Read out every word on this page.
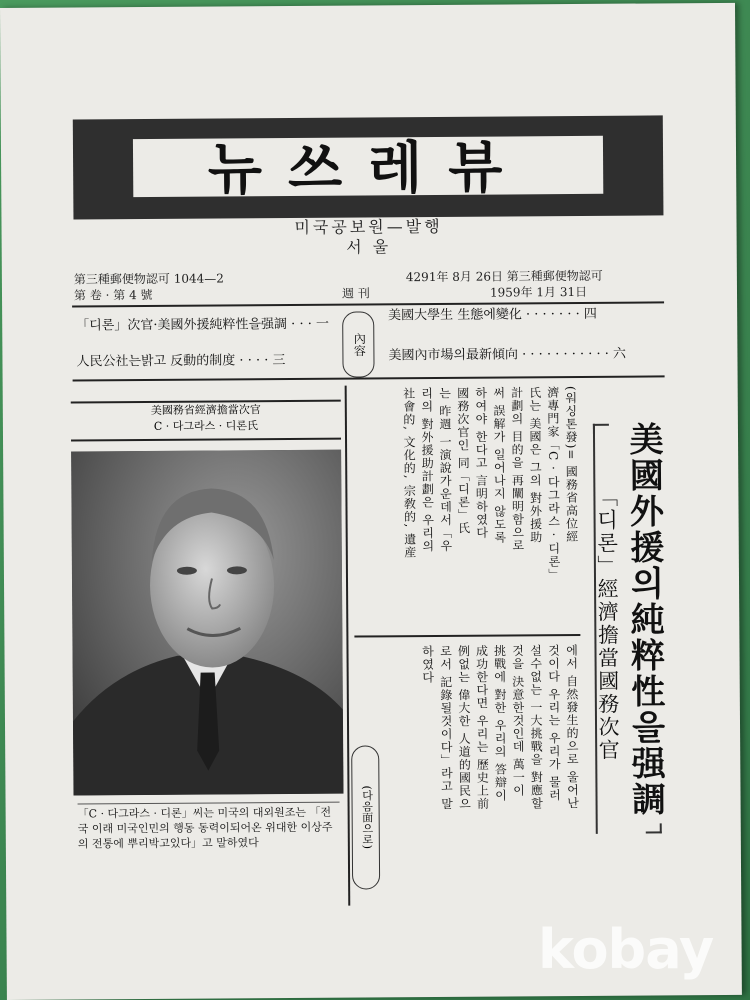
뉴쓰레뷰
미국공보원—발행
서 울
第三種郵便物認可 1044—2
第 卷 · 第 4 號	週 刊
4291年 8月 26日 第三種郵便物認可
1959年 1月 31日
「디론」次官·美國外援純粹性을强調 · · · 一
人民公社는밝고 反動的制度 · · · · 三
美國大學生 生態에變化 · · · · · · · 四
美國內市場의最新傾向 · · · · · · · · · · · 六
內容
美國務省經濟擔當次官
C · 다그라스 · 디론氏
「C · 다그라스 · 디론」씨는 미국의 대외원조는 「전국 이래 미국인민의 행동 동력이되어온 위대한 이상주의 전통에 뿌리박고있다」고 말하였다
(워싱톤發)= 國務省高位經
濟專門家「C · 다그라스 · 디론」
氏는 美國은 그의 對外援助
計劃의 目的을 再闡明함으로
써 誤解가 일어나지 않도록
하여야 한다고 言明하였다
國務次官인 同「디론」氏
는 昨週 一演說가운데서「우
리의 對外援助計劃은 우리의
社會的, 文化的, 宗敎的, 遺産
에서 自然發生的으로 울어난
것이다 우리는 우리가 물러
설수없는 一大挑戰을 對應할
것을 決意한것인데 萬一이
挑戰에 對한 우리의 答辯이
成功한다면 우리는 歷史上前
例없는 偉大한 人道的國民으
로서 記錄될것이다」라고 말
하였다
(다음面으로)	美國外援의純粹性을强調
「디론」經濟擔當國務次官
kobay
